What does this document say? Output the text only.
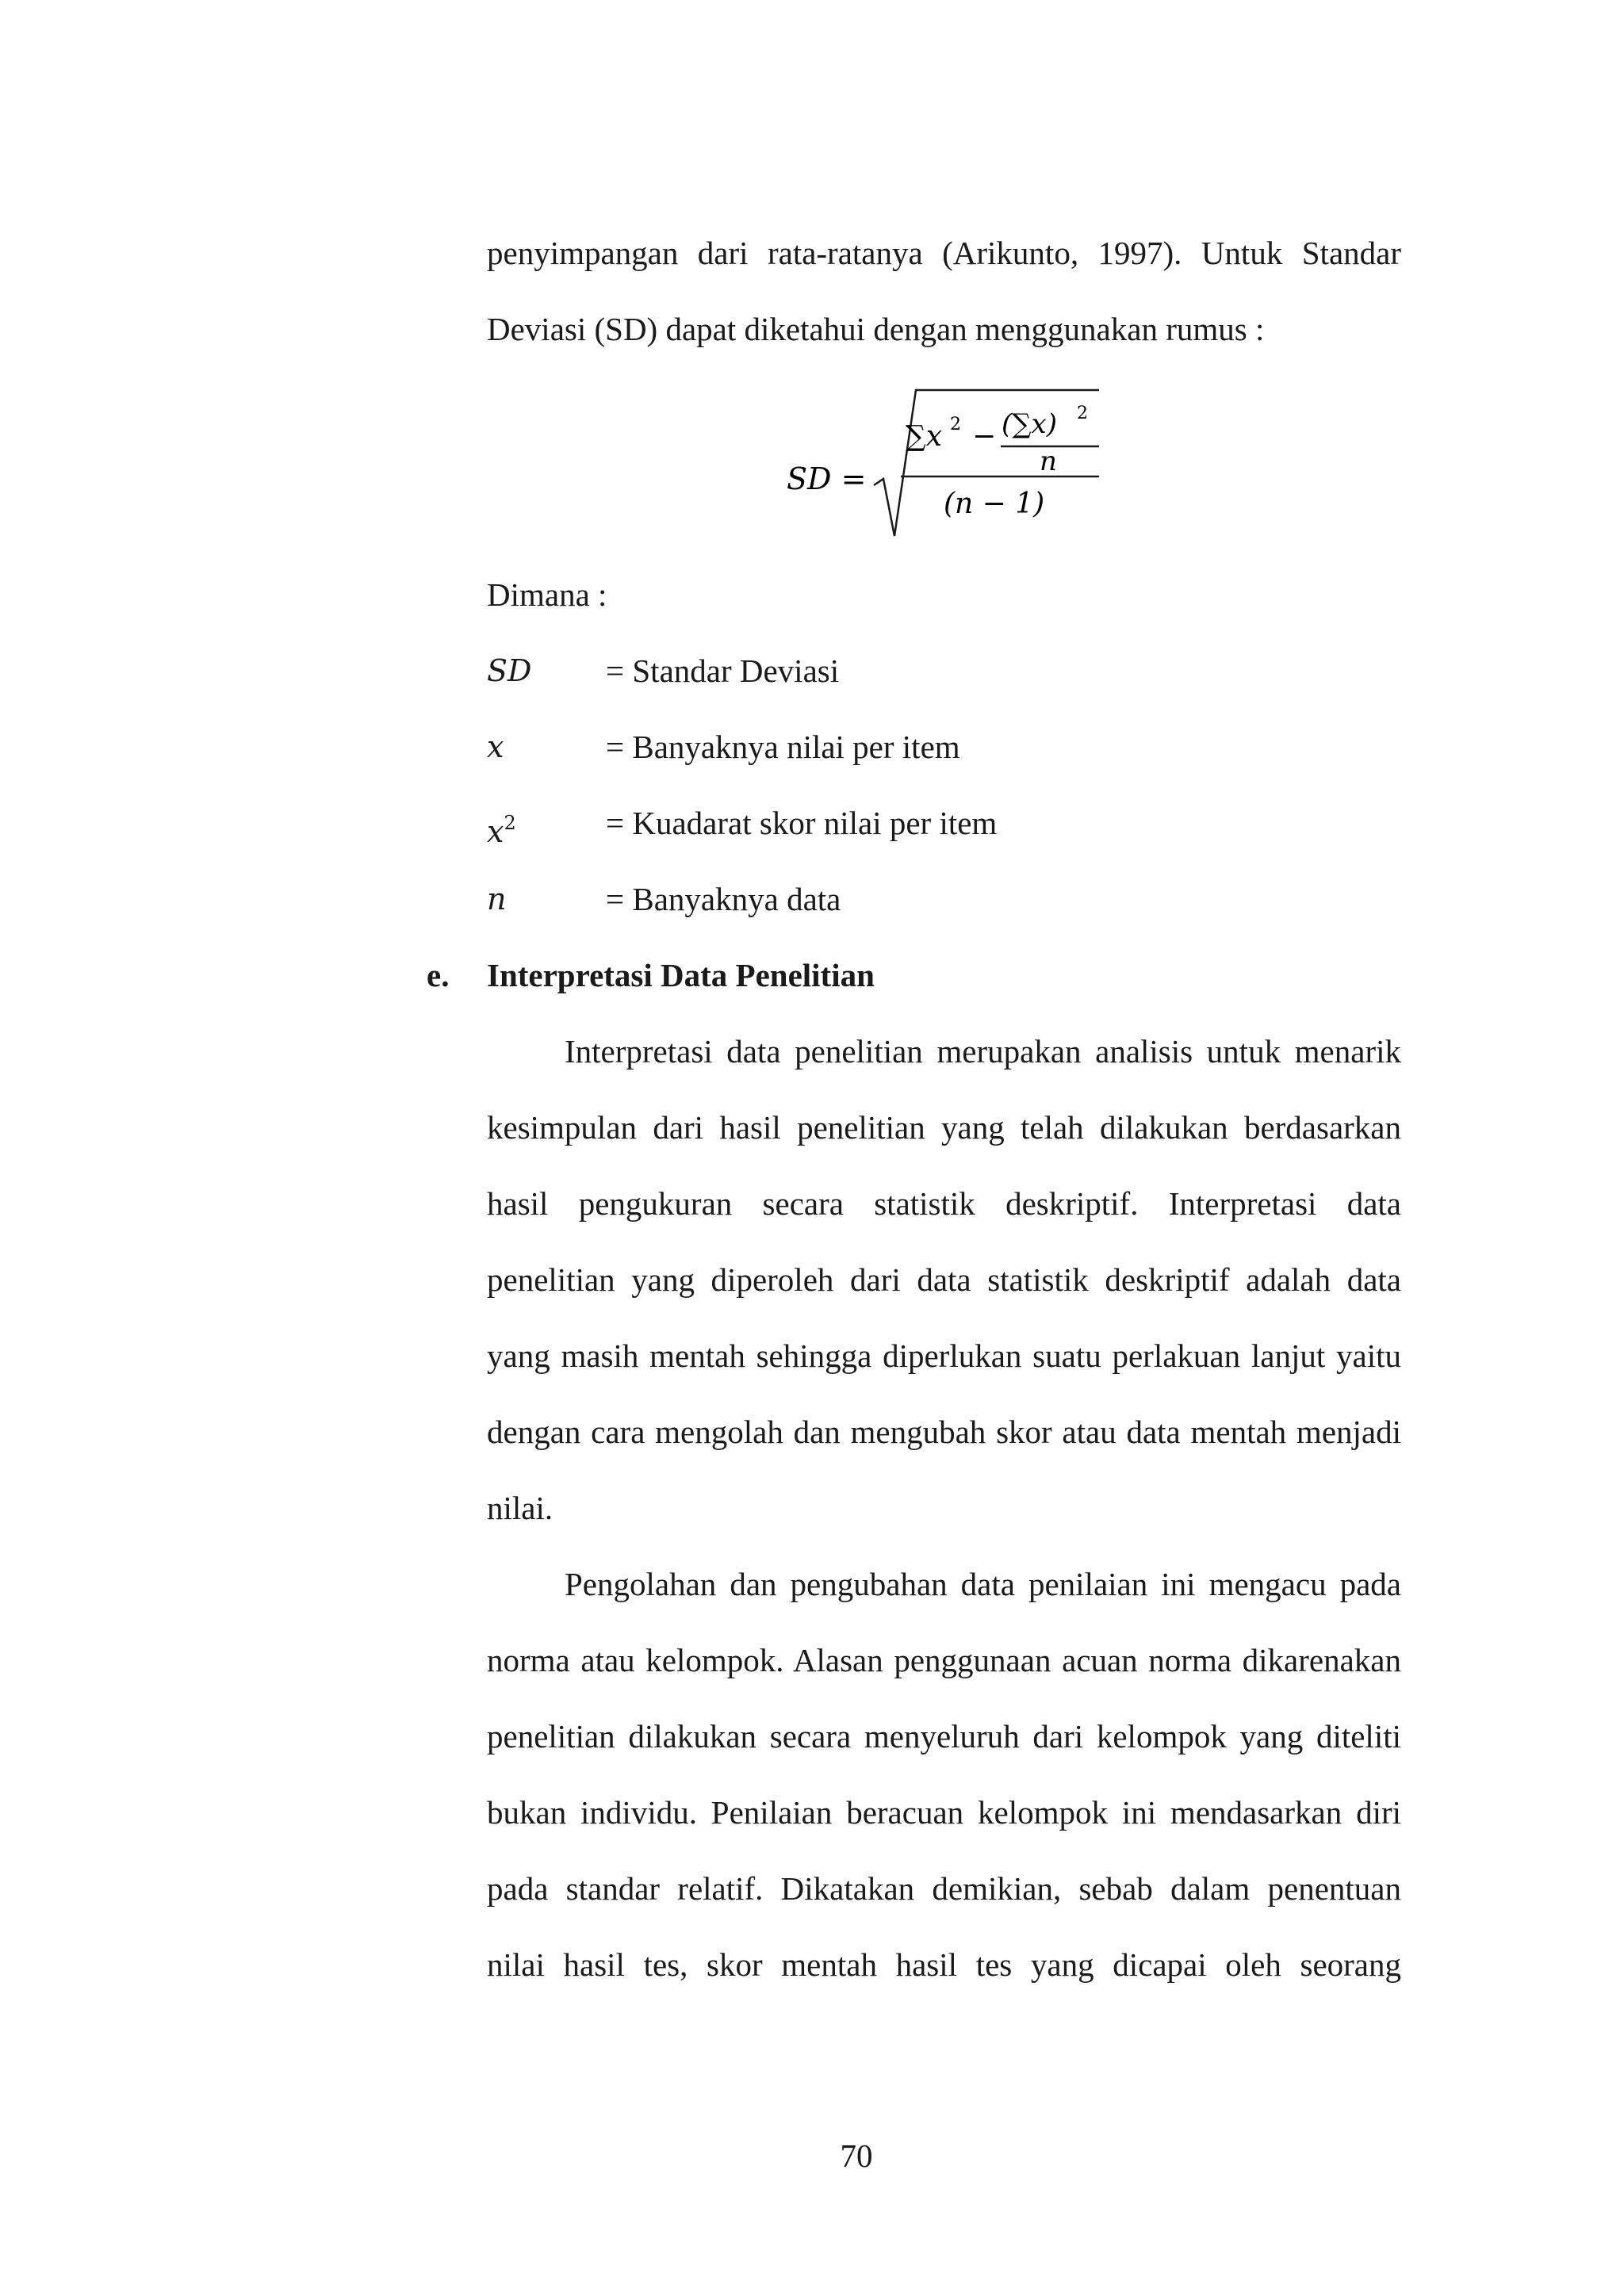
penyimpangan dari rata-ratanya (Arikunto, 1997). Untuk Standar
Deviasi (SD) dapat diketahui dengan menggunakan rumus :
SD =
∑x 2 − (∑x) 2
n
(n − 1)
Dimana :
SD = Standar Deviasi
x	= Banyaknya nilai per item
$x^2$	= Kuadarat skor nilai per item
n	= Banyaknya data
e. Interpretasi Data Penelitian
Interpretasi data penelitian merupakan analisis untuk menarik
kesimpulan dari hasil penelitian yang telah dilakukan berdasarkan
hasil pengukuran secara statistik deskriptif. Interpretasi data
penelitian yang diperoleh dari data statistik deskriptif adalah data
yang masih mentah sehingga diperlukan suatu perlakuan lanjut yaitu
dengan cara mengolah dan mengubah skor atau data mentah menjadi
nilai.
Pengolahan dan pengubahan data penilaian ini mengacu pada
norma atau kelompok. Alasan penggunaan acuan norma dikarenakan
penelitian dilakukan secara menyeluruh dari kelompok yang diteliti
bukan individu. Penilaian beracuan kelompok ini mendasarkan diri
pada standar relatif. Dikatakan demikian, sebab dalam penentuan
nilai hasil tes, skor mentah hasil tes yang dicapai oleh seorang
70
